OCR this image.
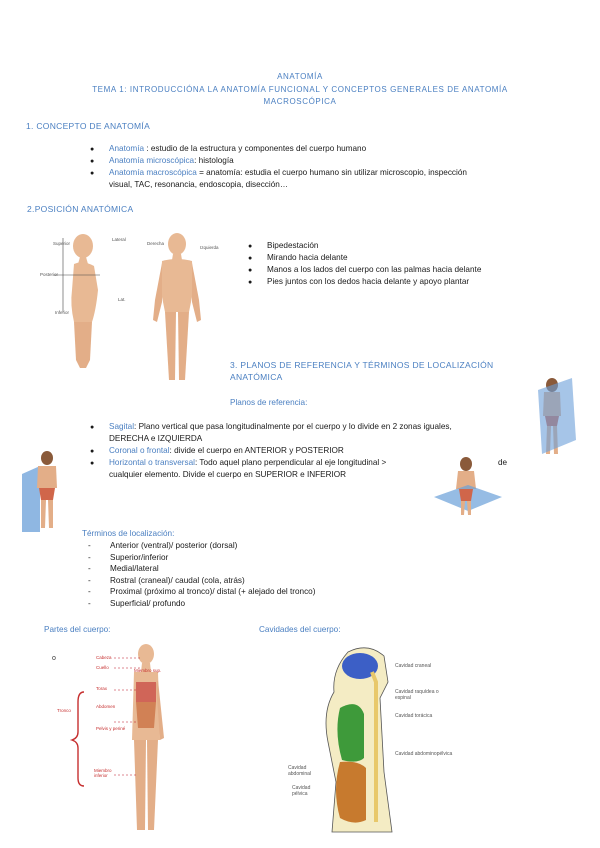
ANATOMÍA
TEMA 1: INTRODUCCIÓNA LA ANATOMÍA FUNCIONAL Y CONCEPTOS GENERALES DE ANATOMÍA
MACROSCÓPICA
1. CONCEPTO DE ANATOMÍA
● Anatomía : estudio de la estructura y componentes del cuerpo humano
● Anatomía microscópica: histología
● Anatomía macroscópica = anatomía: estudia el cuerpo humano sin utilizar microscopio, inspección
visual, TAC, resonancia, endoscopia, disección…
2.POSICIÓN ANATÓMICA
Superior
Posterior
Lateral
Lat.
Inferior
Derecha
Izquierda	● Bipedestación
● Mirando hacia delante
● Manos a los lados del cuerpo con las palmas hacia delante
● Pies juntos con los dedos hacia delante y apoyo plantar
3. PLANOS DE REFERENCIA Y TÉRMINOS DE LOCALIZACIÓN
ANATÓMICA
Planos de referencia:
● Sagital: Plano vertical que pasa longitudinalmente por el cuerpo y lo divide en 2 zonas iguales,
DERECHA e IZQUIERDA
● Coronal o frontal: divide el cuerpo en ANTERIOR y POSTERIOR
● Horizontal o transversal: Todo aquel plano perpendicular al eje longitudinal >	de
cualquier elemento. Divide el cuerpo en SUPERIOR e INFERIOR
Términos de localización:
- Anterior (ventral)/ posterior (dorsal)
- Superior/inferior
- Medial/lateral
- Rostral (craneal)/ caudal (cola, atrás)
- Proximal (próximo al tronco)/ distal (+ alejado del tronco)
- Superficial/ profundo
Partes del cuerpo:
o	Cabeza
Cuello
Torax
Tronco
Abdomen
Pelvis y periné
Miembro inferior
Miembro sup.
Cavidades del cuerpo:
Cavidad craneal
Cavidad raquídea o espinal
Cavidad torácica
Cavidad abdominopélvica
Cavidad abdominal
Cavidad pélvica
